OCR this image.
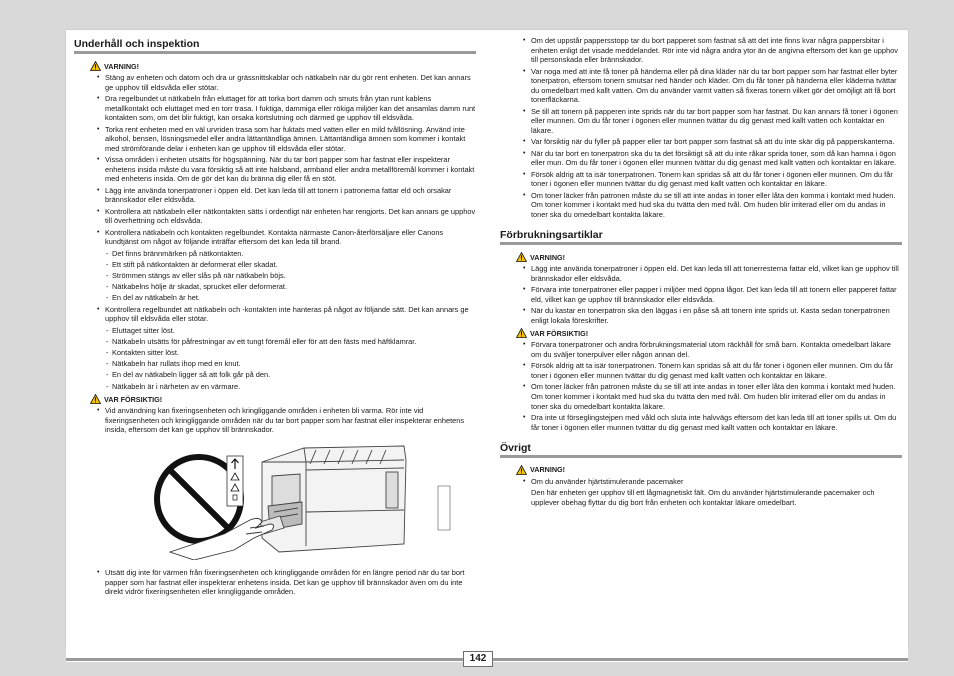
Underhåll och inspektion
VARNING!
• Stäng av enheten och datorn och dra ur grässnittskablar och nätkabeln när du gör rent enheten. Det kan annars ge upphov till eldsvåda eller stötar.
• Dra regelbundet ut nätkabeln från eluttaget för att torka bort damm och smuts från ytan runt kablens metallkontakt och eluttaget med en torr trasa. I fuktiga, dammiga eller rökiga miljöer kan det ansamlas damm runt kontakten som, om det blir fuktigt, kan orsaka kortslutning och därmed ge upphov till eldsvåda.
• Torka rent enheten med en väl urvriden trasa som har fuktats med vatten eller en mild tvållösning. Använd inte alkohol, bensen, lösningsmedel eller andra lättantändliga ämnen. Lättantändliga ämnen som kommer i kontakt med strömförande delar i enheten kan ge upphov till eldsvåda eller stötar.
• Vissa områden i enheten utsätts för högspänning. När du tar bort papper som har fastnat eller inspekterar enhetens insida måste du vara försiktig så att inte halsband, armband eller andra metallföremål kommer i kontakt med enhetens insida. Om de gör det kan du bränna dig eller få en stöt.
• Lägg inte använda tonerpatroner i öppen eld. Det kan leda till att tonern i patronerna fattar eld och orsakar brännskador eller eldsvåda.
• Kontrollera att nätkabeln eller nätkontakten sätts i ordentligt när enheten har rengjorts. Det kan annars ge upphov till överhettning och eldsvåda.
• Kontrollera nätkabeln och kontakten regelbundet. Kontakta närmaste Canon-återförsäljare eller Canons kundtjänst om något av följande inträffar eftersom det kan leda till brand.
- Det finns brännmärken på nätkontakten.
- Ett stift på nätkontakten är deformerat eller skadat.
- Strömmen stängs av eller slås på när nätkabeln böjs.
- Nätkabelns hölje är skadat, sprucket eller deformerat.
- En del av nätkabeln är het.
• Kontrollera regelbundet att nätkabeln och -kontakten inte hanteras på något av följande sätt. Det kan annars ge upphov till eldsvåda eller stötar.
- Eluttaget sitter löst.
- Nätkabeln utsätts för påfrestningar av ett tungt föremål eller för att den fästs med häftklamrar.
- Kontakten sitter löst.
- Nätkabeln har rullats ihop med en knut.
- En del av nätkabeln ligger så att folk går på den.
- Nätkabeln är i närheten av en värmare.
VAR FÖRSIKTIG!
• Vid användning kan fixeringsenheten och kringliggande områden i enheten bli varma. Rör inte vid fixeringsenheten och kringliggande områden när du tar bort papper som har fastnat eller inspekterar enhetens insida, eftersom det kan ge upphov till brännskador.
• Utsätt dig inte för värmen från fixeringsenheten och kringliggande områden för en längre period när du tar bort papper som har fastnat eller inspekterar enhetens insida. Det kan ge upphov till brännskador även om du inte direkt vidrör fixeringsenheten eller kringliggande områden.
• Om det uppstår pappersstopp tar du bort papperet som fastnat så att det inte finns kvar några pappersbitar i enheten enligt det visade meddelandet. Rör inte vid några andra ytor än de angivna eftersom det kan ge upphov till personskada eller brännskador.
• Var noga med att inte få toner på händerna eller på dina kläder när du tar bort papper som har fastnat eller byter tonerpatron, eftersom tonern smutsar ned händer och kläder. Om du får toner på händerna eller kläderna tvättar du omedelbart med kallt vatten. Om du använder varmt vatten så fixeras tonern vilket gör det omöjligt att få bort tonerfläckarna.
• Se till att tonern på papperen inte sprids när du tar bort papper som har fastnat. Du kan annars få toner i ögonen eller munnen. Om du får toner i ögonen eller munnen tvättar du dig genast med kallt vatten och kontaktar en läkare.
• Var försiktig när du fyller på papper eller tar bort papper som fastnat så att du inte skär dig på papperskanterna.
• När du tar bort en tonerpatron ska du ta det försiktigt så att du inte råkar sprida toner, som då kan hamna i ögon eller mun. Om du får toner i ögonen eller munnen tvättar du dig genast med kallt vatten och kontaktar en läkare.
• Försök aldrig att ta isär tonerpatronen. Tonern kan spridas så att du får toner i ögonen eller munnen. Om du får toner i ögonen eller munnen tvättar du dig genast med kallt vatten och kontaktar en läkare.
• Om toner läcker från patronen måste du se till att inte andas in toner eller låta den komma i kontakt med huden. Om toner kommer i kontakt med hud ska du tvätta den med tvål. Om huden blir irriterad eller om du andas in toner ska du omedelbart kontakta läkare.
Förbrukningsartiklar
VARNING!
• Lägg inte använda tonerpatroner i öppen eld. Det kan leda till att tonerresterna fattar eld, vilket kan ge upphov till brännskador eller eldsvåda.
• Förvara inte tonerpatroner eller papper i miljöer med öppna lågor. Det kan leda till att tonern eller papperet fattar eld, vilket kan ge upphov till brännskador eller eldsvåda.
• När du kastar en tonerpatron ska den läggas i en påse så att tonern inte sprids ut. Kasta sedan tonerpatronen enligt lokala föreskrifter.
VAR FÖRSIKTIG!
• Förvara tonerpatroner och andra förbrukningsmaterial utom räckhåll för små barn. Kontakta omedelbart läkare om du sväljer tonerpulver eller någon annan del.
• Försök aldrig att ta isär tonerpatronen. Tonern kan spridas så att du får toner i ögonen eller munnen. Om du får toner i ögonen eller munnen tvättar du dig genast med kallt vatten och kontaktar en läkare.
• Om toner läcker från patronen måste du se till att inte andas in toner eller låta den komma i kontakt med huden. Om toner kommer i kontakt med hud ska du tvätta den med tvål. Om huden blir irriterad eller om du andas in toner ska du omedelbart kontakta läkare.
• Dra inte ut förseglingstejpen med våld och sluta inte halvvägs eftersom det kan leda till att toner spills ut. Om du får toner i ögonen eller munnen tvättar du dig genast med kallt vatten och kontaktar en läkare.
Övrigt
VARNING!
• Om du använder hjärtstimulerande pacemaker
Den här enheten ger upphov till ett lågmagnetiskt fält. Om du använder hjärtstimulerande pacemaker och upplever obehag flyttar du dig bort från enheten och kontaktar läkare omedelbart.
142
